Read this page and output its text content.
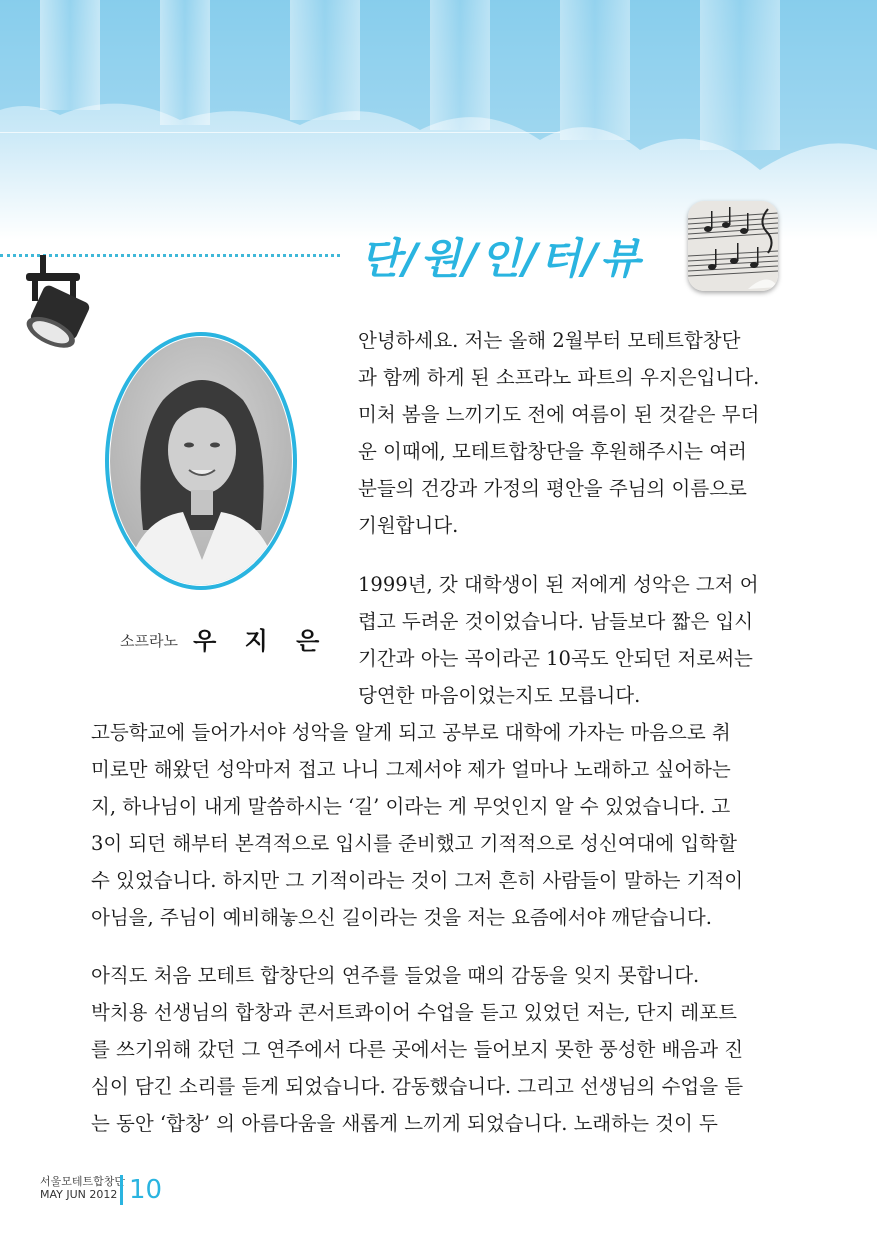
단/원/인/터/뷰
소프라노 우 지 은
안녕하세요. 저는 올해 2월부터 모테트합창단
과 함께 하게 된 소프라노 파트의 우지은입니다.
미처 봄을 느끼기도 전에 여름이 된 것같은 무더
운 이때에, 모테트합창단을 후원해주시는 여러
분들의 건강과 가정의 평안을 주님의 이름으로
기원합니다.
1999년, 갓 대학생이 된 저에게 성악은 그저 어
렵고 두려운 것이었습니다. 남들보다 짧은 입시
기간과 아는 곡이라곤 10곡도 안되던 저로써는
당연한 마음이었는지도 모릅니다.
고등학교에 들어가서야 성악을 알게 되고 공부로 대학에 가자는 마음으로 취
미로만 해왔던 성악마저 접고 나니 그제서야 제가 얼마나 노래하고 싶어하는
지, 하나님이 내게 말씀하시는 ‘길’ 이라는 게 무엇인지 알 수 있었습니다. 고
3이 되던 해부터 본격적으로 입시를 준비했고 기적적으로 성신여대에 입학할
수 있었습니다. 하지만 그 기적이라는 것이 그저 흔히 사람들이 말하는 기적이
아님을, 주님이 예비해놓으신 길이라는 것을 저는 요즘에서야 깨닫습니다.
아직도 처음 모테트 합창단의 연주를 들었을 때의 감동을 잊지 못합니다.
박치용 선생님의 합창과 콘서트콰이어 수업을 듣고 있었던 저는, 단지 레포트
를 쓰기위해 갔던 그 연주에서 다른 곳에서는 들어보지 못한 풍성한 배음과 진
심이 담긴 소리를 듣게 되었습니다. 감동했습니다. 그리고 선생님의 수업을 듣
는 동안 ‘합창’ 의 아름다움을 새롭게 느끼게 되었습니다. 노래하는 것이 두
서울모테트합창단
MAY JUN 2012 10
